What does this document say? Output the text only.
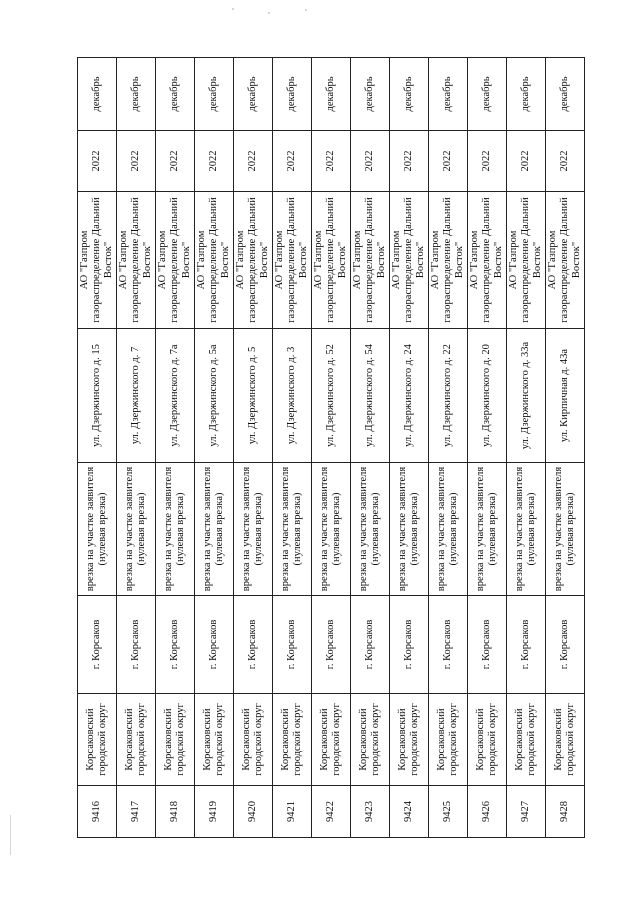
9416	Корсаковский городской округ	г. Корсаков	врезка на участке заявителя (нулевая врезка)	ул. Дзержинского д. 15	АО "Газпром газораспределение Дальний Восток"	2022	декабрь
9417	Корсаковский городской округ	г. Корсаков	врезка на участке заявителя (нулевая врезка)	ул. Дзержинского д. 7	АО "Газпром газораспределение Дальний Восток"	2022	декабрь
9418	Корсаковский городской округ	г. Корсаков	врезка на участке заявителя (нулевая врезка)	ул. Дзержинского д. 7а	АО "Газпром газораспределение Дальний Восток"	2022	декабрь
9419	Корсаковский городской округ	г. Корсаков	врезка на участке заявителя (нулевая врезка)	ул. Дзержинского д. 5а	АО "Газпром газораспределение Дальний Восток"	2022	декабрь
9420	Корсаковский городской округ	г. Корсаков	врезка на участке заявителя (нулевая врезка)	ул. Дзержинского д. 5	АО "Газпром газораспределение Дальний Восток"	2022	декабрь
9421	Корсаковский городской округ	г. Корсаков	врезка на участке заявителя (нулевая врезка)	ул. Дзержинского д. 3	АО "Газпром газораспределение Дальний Восток"	2022	декабрь
9422	Корсаковский городской округ	г. Корсаков	врезка на участке заявителя (нулевая врезка)	ул. Дзержинского д. 52	АО "Газпром газораспределение Дальний Восток"	2022	декабрь
9423	Корсаковский городской округ	г. Корсаков	врезка на участке заявителя (нулевая врезка)	ул. Дзержинского д. 54	АО "Газпром газораспределение Дальний Восток"	2022	декабрь
9424	Корсаковский городской округ	г. Корсаков	врезка на участке заявителя (нулевая врезка)	ул. Дзержинского д. 24	АО "Газпром газораспределение Дальний Восток"	2022	декабрь
9425	Корсаковский городской округ	г. Корсаков	врезка на участке заявителя (нулевая врезка)	ул. Дзержинского д. 22	АО "Газпром газораспределение Дальний Восток"	2022	декабрь
9426	Корсаковский городской округ	г. Корсаков	врезка на участке заявителя (нулевая врезка)	ул. Дзержинского д. 20	АО "Газпром газораспределение Дальний Восток"	2022	декабрь
9427	Корсаковский городской округ	г. Корсаков	врезка на участке заявителя (нулевая врезка)	ул. Дзержинского д. 33а	АО "Газпром газораспределение Дальний Восток"	2022	декабрь
9428	Корсаковский городской округ	г. Корсаков	врезка на участке заявителя (нулевая врезка)	ул. Кирпичная д. 43а	АО "Газпром газораспределение Дальний Восток"	2022	декабрь
